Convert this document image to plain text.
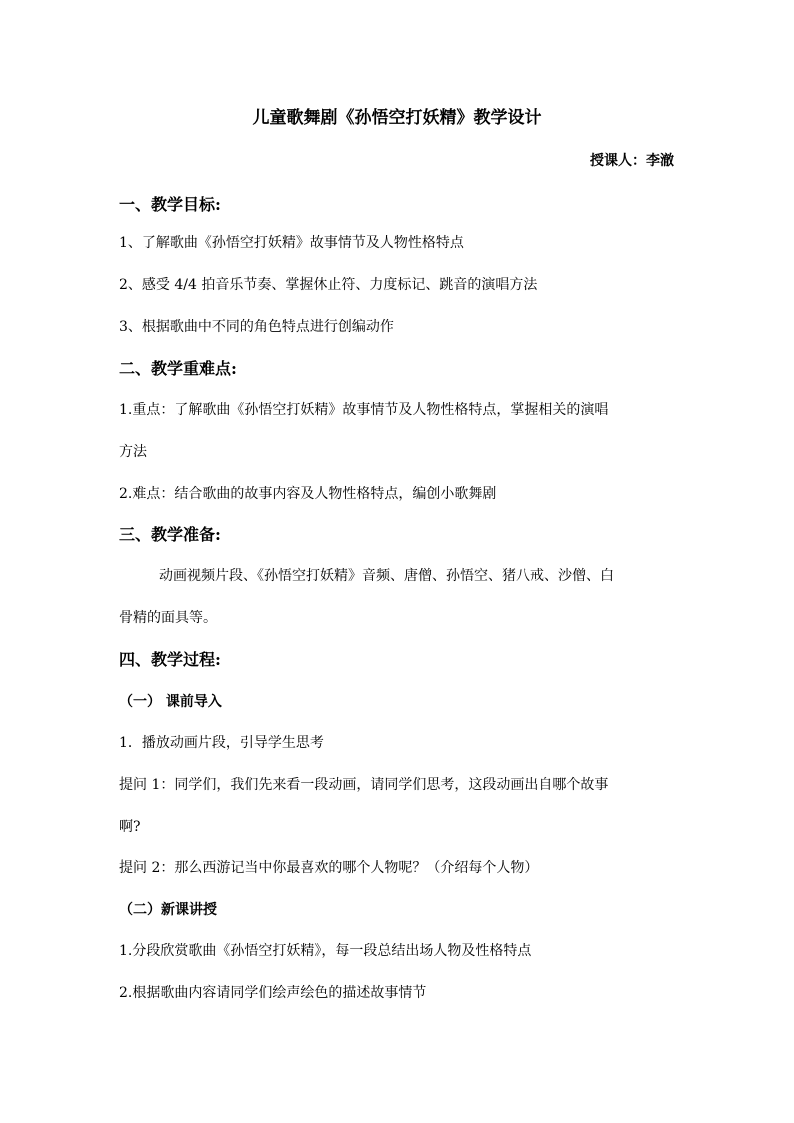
儿童歌舞剧《孙悟空打妖精》教学设计
授课人：李澈
一、教学目标:
1、了解歌曲《孙悟空打妖精》故事情节及人物性格特点
2、感受 4/4 拍音乐节奏、掌握休止符、力度标记、跳音的演唱方法
3、根据歌曲中不同的角色特点进行创编动作
二、教学重难点:
1.重点：了解歌曲《孙悟空打妖精》故事情节及人物性格特点，掌握相关的演唱
方法
2.难点：结合歌曲的故事内容及人物性格特点，编创小歌舞剧
三、教学准备:
动画视频片段、《孙悟空打妖精》音频、唐僧、孙悟空、猪八戒、沙僧、白
骨精的面具等。
四、教学过程:
（一） 课前导入
1．播放动画片段，引导学生思考
提问 1：同学们，我们先来看一段动画，请同学们思考，这段动画出自哪个故事
啊?
提问 2：那么西游记当中你最喜欢的哪个人物呢？（介绍每个人物）
（二）新课讲授
1.分段欣赏歌曲《孙悟空打妖精》，每一段总结出场人物及性格特点
2.根据歌曲内容请同学们绘声绘色的描述故事情节
